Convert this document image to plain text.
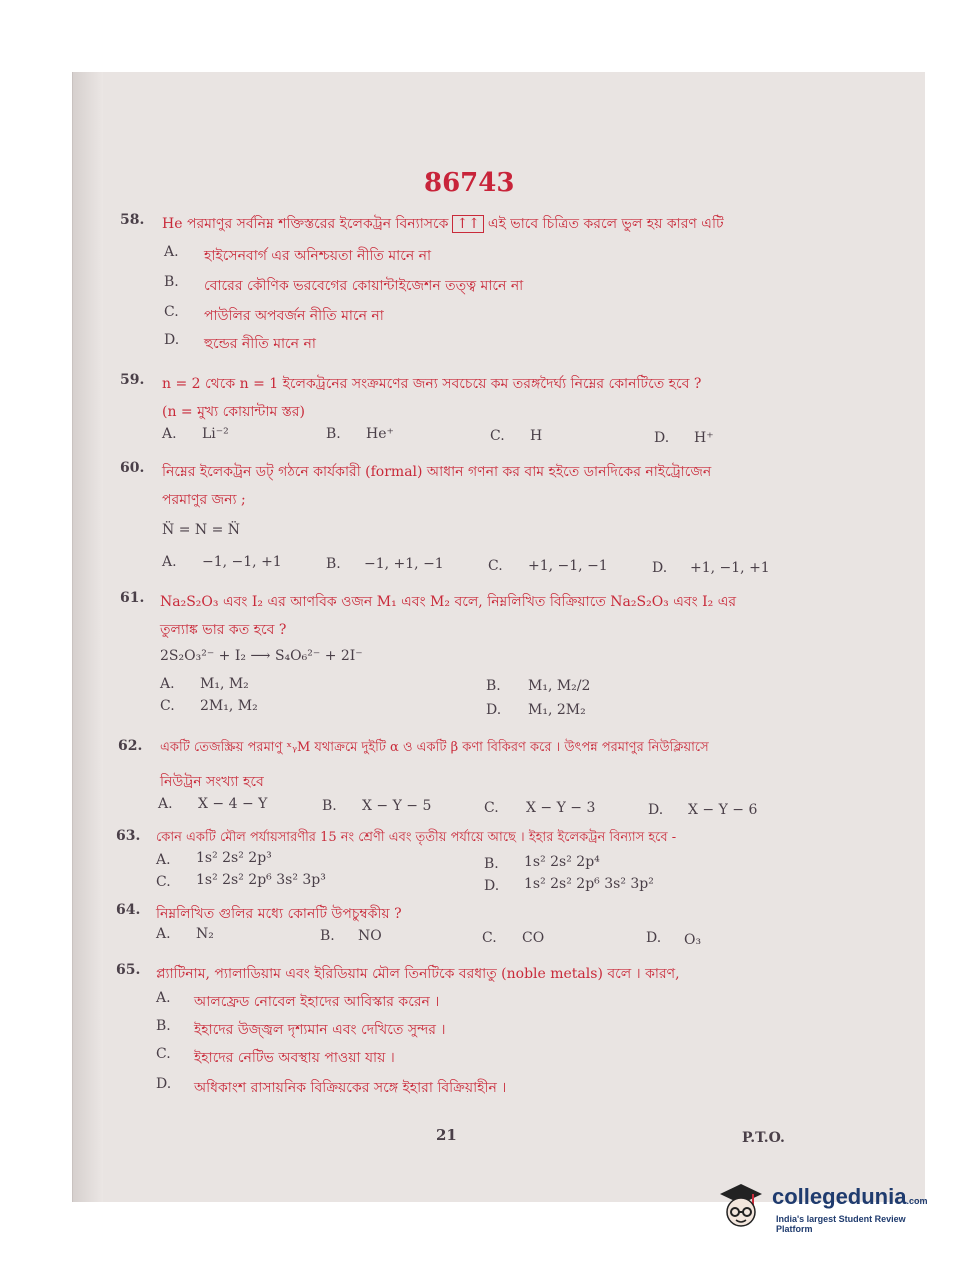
86743
58. He পরমাণুর সর্বনিম্ন শক্তিস্তরের ইলেকট্রন বিন্যাসকে ↑↑ এই ভাবে চিত্রিত করলে ভুল হয় কারণ এটি
A. হাইসেনবার্গ এর অনিশ্চয়তা নীতি মানে না
B. বোরের কৌণিক ভরবেগের কোয়ান্টাইজেশন তত্ত্ব মানে না
C. পাউলির অপবর্জন নীতি মানে না
D. হুন্ডের নীতি মানে না
59. n = 2 থেকে n = 1 ইলেকট্রনের সংক্রমণের জন্য সবচেয়ে কম তরঙ্গদৈর্ঘ্য নিম্নের কোনটিতে হবে ?
(n = মুখ্য কোয়ান্টাম স্তর)
A. Li⁻²	B. He⁺	C. H	D. H⁺
60. নিম্নের ইলেকট্রন ডট্ গঠনে কার্যকারী (formal) আধান গণনা কর বাম হইতে ডানদিকের নাইট্রোজেন
পরমাণুর জন্য ;
N̈ = N = N̈
A. −1, −1, +1	B. −1, +1, −1	C. +1, −1, −1	D. +1, −1, +1
61. Na₂S₂O₃ এবং I₂ এর আণবিক ওজন M₁ এবং M₂ বলে, নিম্নলিখিত বিক্রিয়াতে Na₂S₂O₃ এবং I₂ এর
তুল্যাঙ্ক ভার কত হবে ?
2S₂O₃²⁻ + I₂ ⟶ S₄O₆²⁻ + 2I⁻
A. M₁, M₂	B. M₁, M₂/2
C. 2M₁, M₂	D. M₁, 2M₂
62. একটি তেজস্ক্রিয় পরমাণু ˣᵧM যথাক্রমে দুইটি α ও একটি β কণা বিকিরণ করে । উৎপন্ন পরমাণুর নিউক্লিয়াসে
নিউট্রন সংখ্যা হবে
A. X − 4 − Y	B. X − Y − 5	C. X − Y − 3	D. X − Y − 6
63. কোন একটি মৌল পর্যায়সারণীর 15 নং শ্রেণী এবং তৃতীয় পর্যায়ে আছে । ইহার ইলেকট্রন বিন্যাস হবে -
A. 1s² 2s² 2p³	B. 1s² 2s² 2p⁴
C. 1s² 2s² 2p⁶ 3s² 3p³	D. 1s² 2s² 2p⁶ 3s² 3p²
64. নিম্নলিখিত গুলির মধ্যে কোনটি উপচুম্বকীয় ?
A. N₂	B. NO	C. CO	D. O₃
65. প্ল্যাটিনাম, প্যালাডিয়াম এবং ইরিডিয়াম মৌল তিনটিকে বরধাতু (noble metals) বলে । কারণ,
A. আলফ্রেড নোবেল ইহাদের আবিস্কার করেন ।
B. ইহাদের উজ্জ্বল দৃশ্যমান এবং দেখিতে সুন্দর ।
C. ইহাদের নেটিভ অবস্থায় পাওয়া যায় ।
D. অধিকাংশ রাসায়নিক বিক্রিয়কের সঙ্গে ইহারা বিক্রিয়াহীন ।
21	P.T.O.
collegedunia.com
India's largest Student Review Platform
